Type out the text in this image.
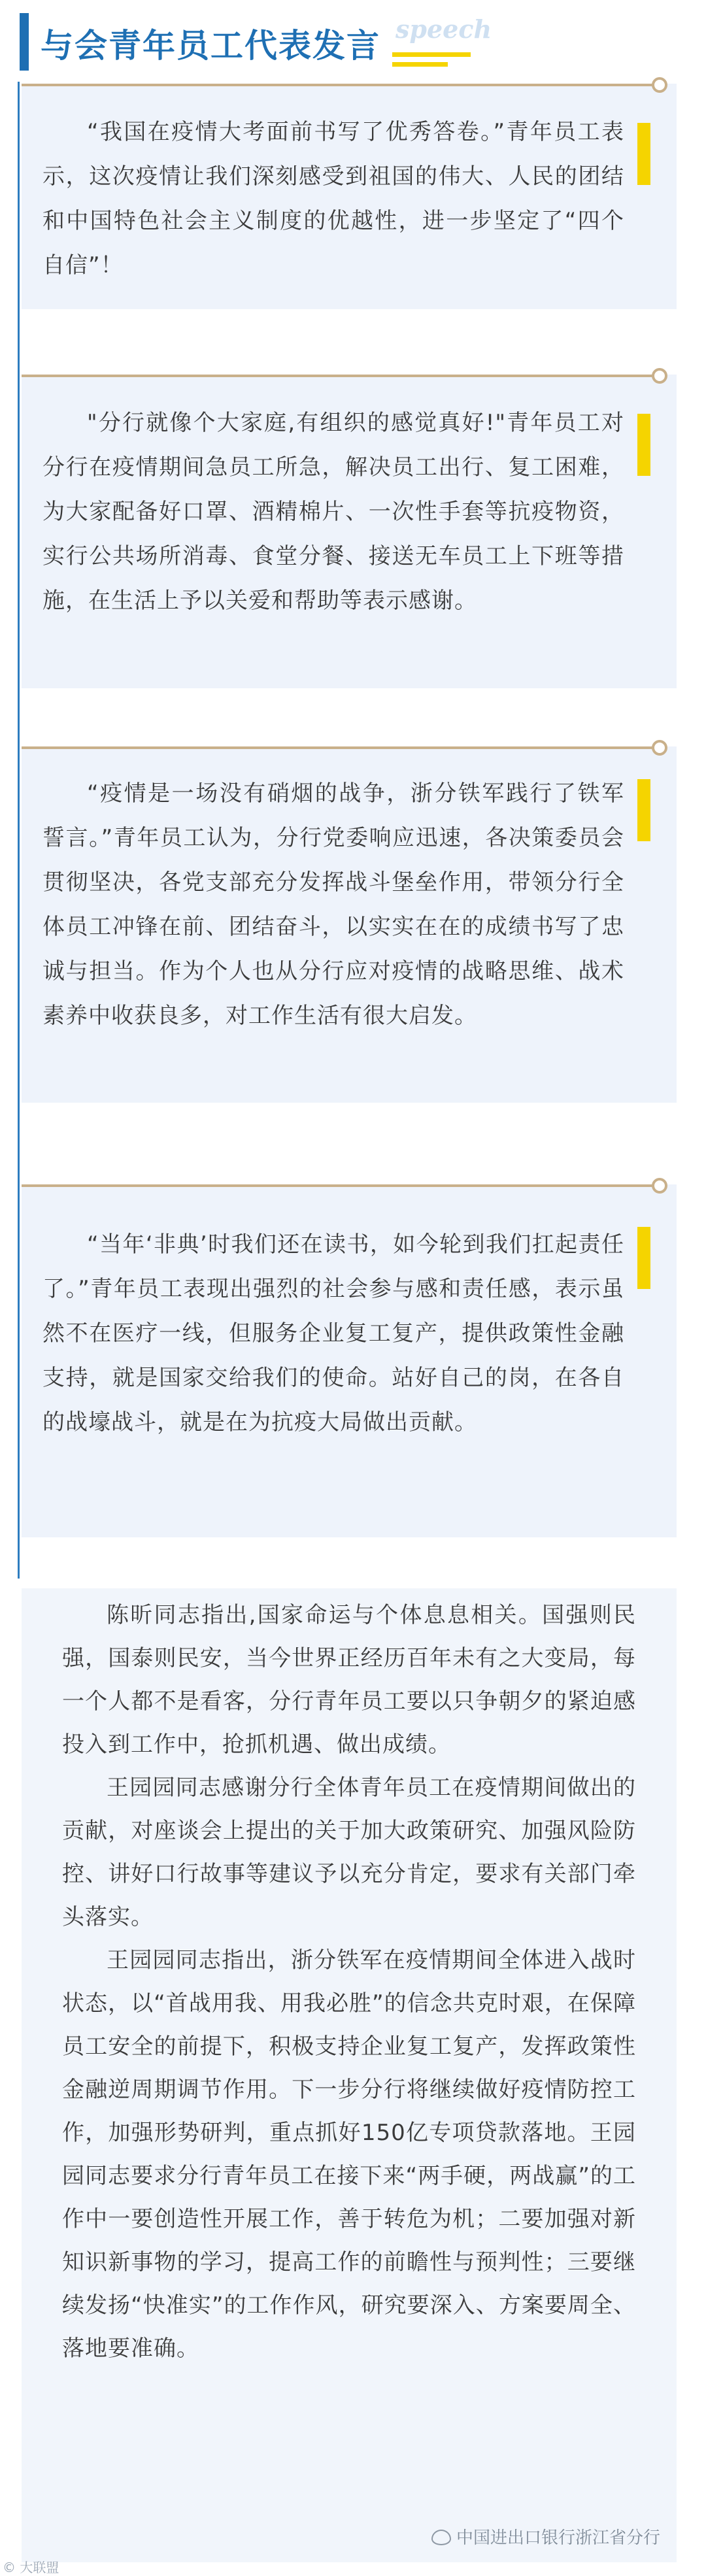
与会青年员工代表发言 speech
“我国在疫情大考面前书写了优秀答卷。”青年员工表示，这次疫情让我们深刻感受到祖国的伟大、人民的团结和中国特色社会主义制度的优越性，进一步坚定了“四个自信”！
"分行就像个大家庭,有组织的感觉真好!"青年员工对分行在疫情期间急员工所急，解决员工出行、复工困难，为大家配备好口罩、酒精棉片、一次性手套等抗疫物资，实行公共场所消毒、食堂分餐、接送无车员工上下班等措施，在生活上予以关爱和帮助等表示感谢。
“疫情是一场没有硝烟的战争，浙分铁军践行了铁军誓言。”青年员工认为，分行党委响应迅速，各决策委员会贯彻坚决，各党支部充分发挥战斗堡垒作用，带领分行全体员工冲锋在前、团结奋斗，以实实在在的成绩书写了忠诚与担当。作为个人也从分行应对疫情的战略思维、战术素养中收获良多，对工作生活有很大启发。
“当年‘非典’时我们还在读书，如今轮到我们扛起责任了。”青年员工表现出强烈的社会参与感和责任感，表示虽然不在医疗一线，但服务企业复工复产，提供政策性金融支持，就是国家交给我们的使命。站好自己的岗，在各自的战壕战斗，就是在为抗疫大局做出贡献。

陈昕同志指出,国家命运与个体息息相关。国强则民强，国泰则民安，当今世界正经历百年未有之大变局，每一个人都不是看客，分行青年员工要以只争朝夕的紧迫感投入到工作中，抢抓机遇、做出成绩。

王园园同志感谢分行全体青年员工在疫情期间做出的贡献，对座谈会上提出的关于加大政策研究、加强风险防控、讲好口行故事等建议予以充分肯定，要求有关部门牵头落实。

王园园同志指出，浙分铁军在疫情期间全体进入战时状态，以“首战用我、用我必胜”的信念共克时艰，在保障员工安全的前提下，积极支持企业复工复产，发挥政策性金融逆周期调节作用。下一步分行将继续做好疫情防控工作，加强形势研判，重点抓好150亿专项贷款落地。王园园同志要求分行青年员工在接下来“两手硬，两战赢”的工作中一要创造性开展工作，善于转危为机；二要加强对新知识新事物的学习，提高工作的前瞻性与预判性；三要继续发扬“快准实”的工作作风，研究要深入、方案要周全、落地要准确。

中国进出口银行浙江省分行
© 大联盟
